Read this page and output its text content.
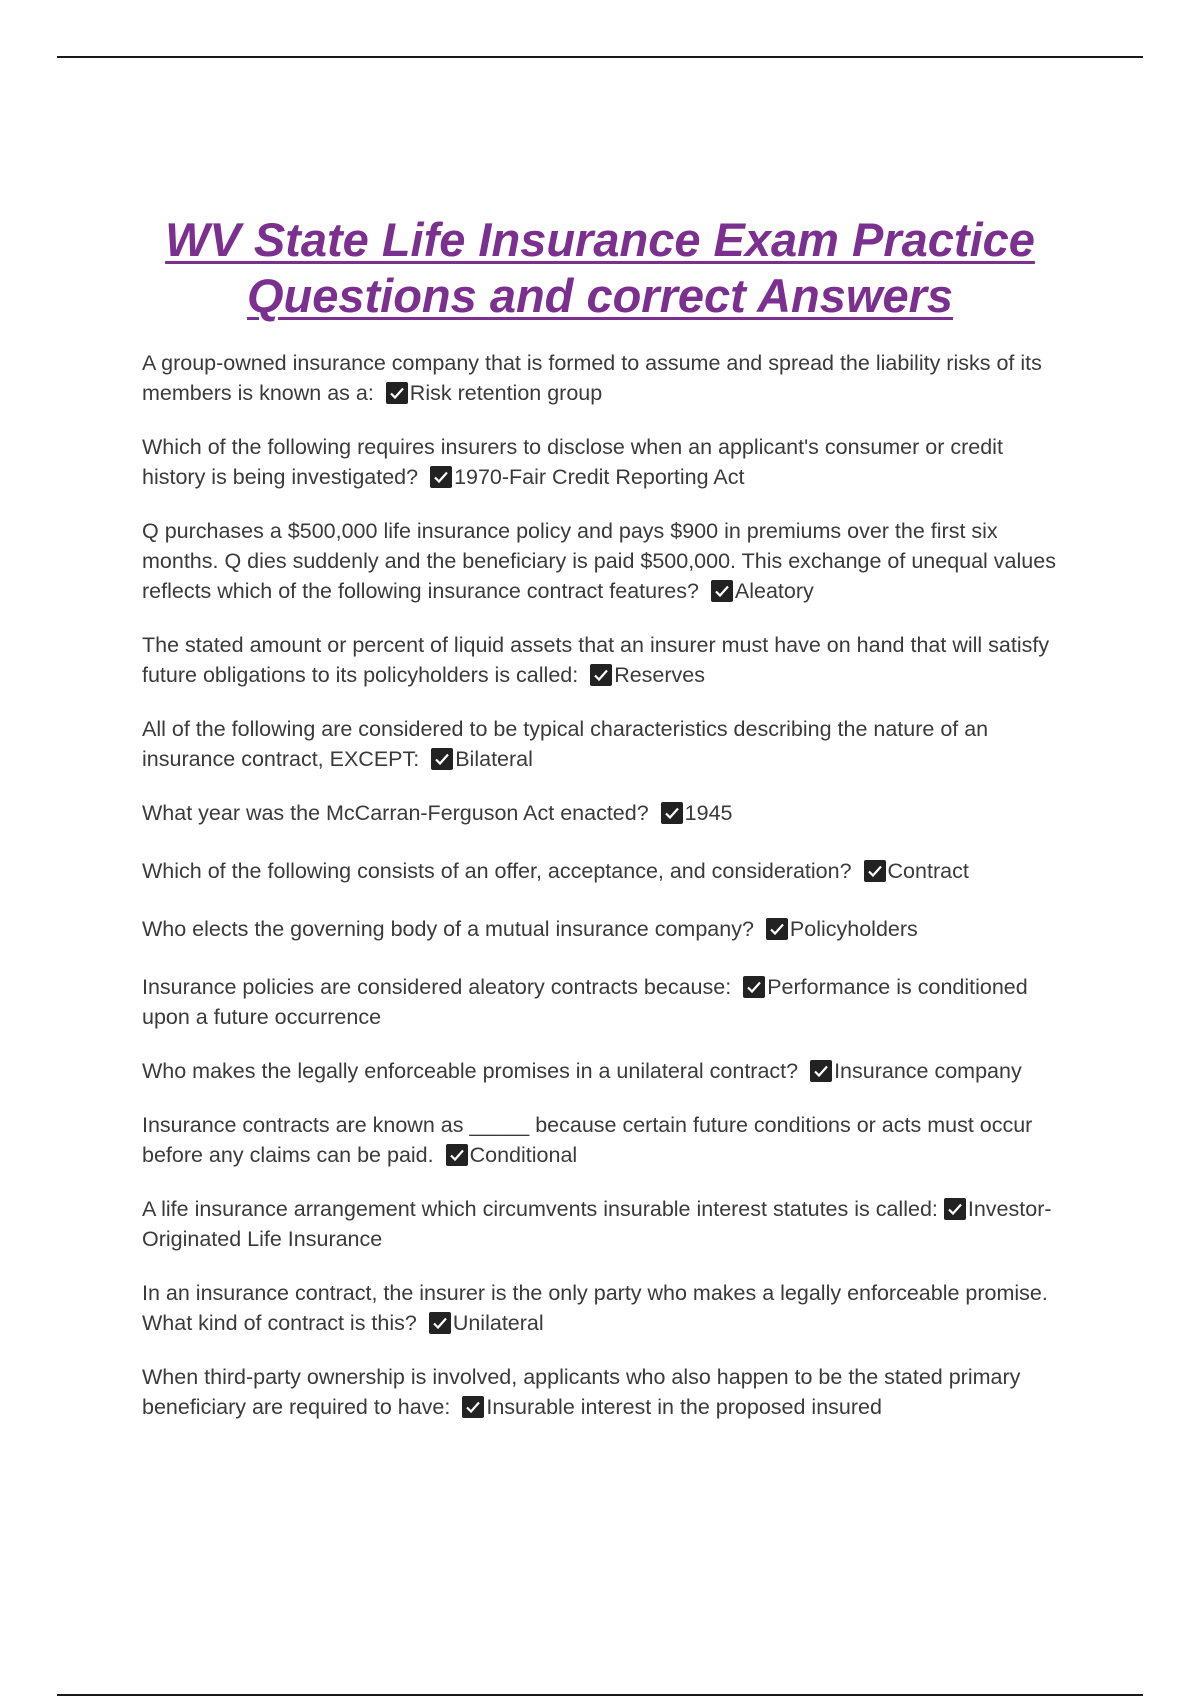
WV State Life Insurance Exam Practice
Questions and correct Answers

A group-owned insurance company that is formed to assume and spread the liability risks of its members is known as a: Risk retention group

Which of the following requires insurers to disclose when an applicant's consumer or credit history is being investigated? 1970-Fair Credit Reporting Act

Q purchases a $500,000 life insurance policy and pays $900 in premiums over the first six months. Q dies suddenly and the beneficiary is paid $500,000. This exchange of unequal values reflects which of the following insurance contract features? Aleatory

The stated amount or percent of liquid assets that an insurer must have on hand that will satisfy future obligations to its policyholders is called: Reserves

All of the following are considered to be typical characteristics describing the nature of an insurance contract, EXCEPT: Bilateral

What year was the McCarran-Ferguson Act enacted? 1945

Which of the following consists of an offer, acceptance, and consideration? Contract

Who elects the governing body of a mutual insurance company? Policyholders

Insurance policies are considered aleatory contracts because: Performance is conditioned upon a future occurrence

Who makes the legally enforceable promises in a unilateral contract? Insurance company

Insurance contracts are known as _____ because certain future conditions or acts must occur before any claims can be paid. Conditional

A life insurance arrangement which circumvents insurable interest statutes is called: Investor-Originated Life Insurance

In an insurance contract, the insurer is the only party who makes a legally enforceable promise. What kind of contract is this? Unilateral

When third-party ownership is involved, applicants who also happen to be the stated primary beneficiary are required to have: Insurable interest in the proposed insured
